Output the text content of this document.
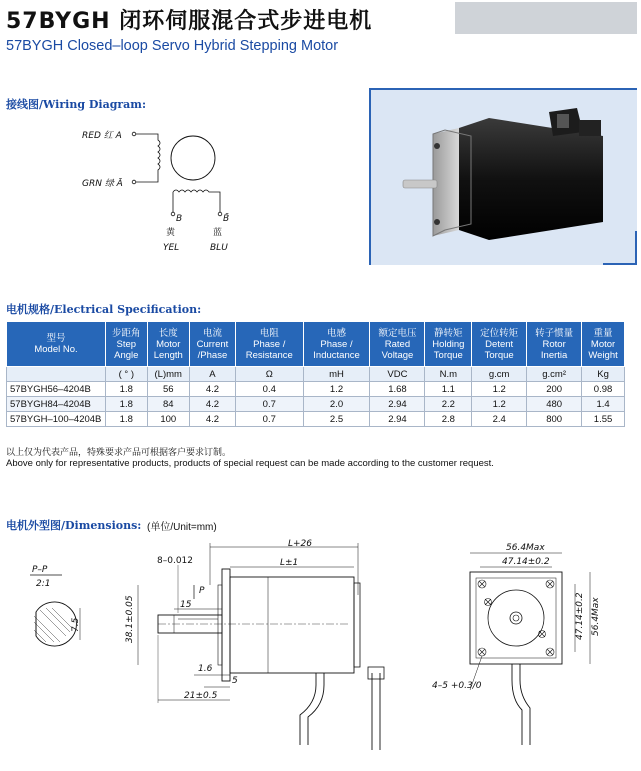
57BYGH 闭环伺服混合式步进电机
57BYGH Closed–loop Servo Hybrid Stepping Motor
接线图/Wiring Diagram:
RED 红 A
GRN 绿 Ā
B	B̄
黄	蓝
YEL	BLU
电机规格/Electrical Specification:
型号
Model No.	步距角
Step
Angle	长度
Motor
Length	电流
Current
/Phase	电阻
Phase /
Resistance	电感
Phase /
Inductance	额定电压
Rated
Voltage	静转矩
Holding
Torque	定位转矩
Detent
Torque	转子惯量
Rotor
Inertia	重量
Motor
Weight
	( ° )	(L)mm	A	Ω	mH	VDC	N.m	g.cm	g.cm²	Kg
57BYGH56–4204B	1.8	56	4.2	0.4	1.2	1.68	1.1	1.2	200	0.98
57BYGH84–4204B	1.8	84	4.2	0.7	2.0	2.94	2.2	1.2	480	1.4
57BYGH–100–4204B	1.8	100	4.2	0.7	2.5	2.94	2.8	2.4	800	1.55
以上仅为代表产品，特殊要求产品可根据客户要求订制。
Above only for representative products, products of special request can be made according to the customer request.
电机外型图/Dimensions: (单位/Unit=mm)
P–P
2:1
7.5
L+26
L±1
8–0.012
P
15
38.1±0.05
1.6
5
21±0.5
56.4Max
47.14±0.2
47.14±0.2 56.4Max
4–5 +0.3/0
